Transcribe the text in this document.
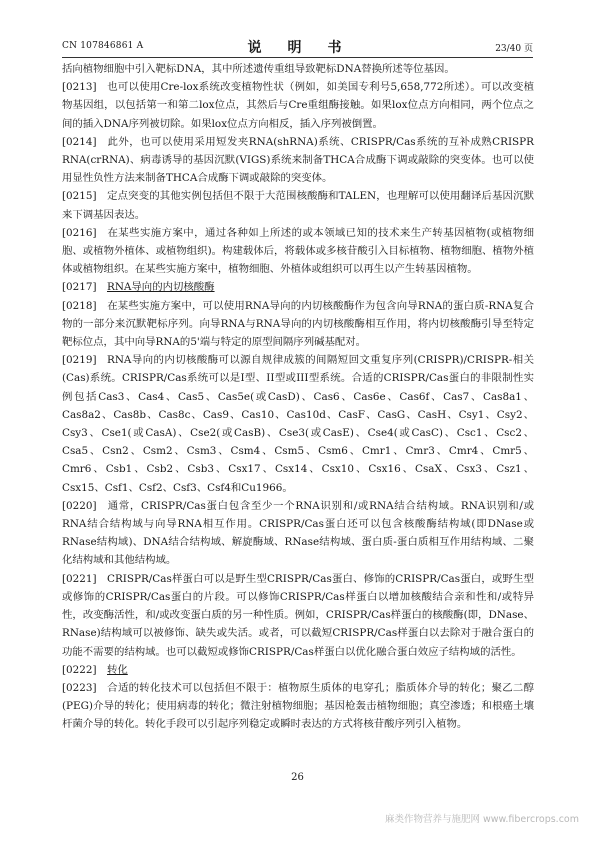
CN 107846861 A	说　明　书	23/40 页

括向植物细胞中引入靶标DNA，其中所述遗传重组导致靶标DNA替换所述等位基因。

[0213] 也可以使用Cre-lox系统改变植物性状（例如，如美国专利号5,658,772所述）。可以改变植物基因组，以包括第一和第二lox位点，其然后与Cre重组酶接触。如果lox位点方向相同，两个位点之间的插入DNA序列被切除。如果lox位点方向相反，插入序列被倒置。

[0214] 此外，也可以使用采用短发夹RNA(shRNA)系统、CRISPR/Cas系统的互补成熟CRISPR RNA(crRNA)、病毒诱导的基因沉默(VIGS)系统来制备THCA合成酶下调或敲除的突变体。也可以使用显性负性方法来制备THCA合成酶下调或敲除的突变体。

[0215] 定点突变的其他实例包括但不限于大范围核酸酶和TALEN，也理解可以使用翻译后基因沉默来下调基因表达。

[0216] 在某些实施方案中，通过各种如上所述的或本领域已知的技术来生产转基因植物(或植物细胞、或植物外植体、或植物组织)。构建载体后，将载体或多核苷酸引入目标植物、植物细胞、植物外植体或植物组织。在某些实施方案中，植物细胞、外植体或组织可以再生以产生转基因植物。

[0217] RNA导向的内切核酸酶

[0218] 在某些实施方案中，可以使用RNA导向的内切核酸酶作为包含向导RNA的蛋白质-RNA复合物的一部分来沉默靶标序列。向导RNA与RNA导向的内切核酸酶相互作用，将内切核酸酶引导至特定靶标位点，其中向导RNA的5'端与特定的原型间隔序列碱基配对。

[0219] RNA导向的内切核酸酶可以源自规律成簇的间隔短回文重复序列(CRISPR)/CRISPR-相关(Cas)系统。CRISPR/Cas系统可以是I型、II型或III型系统。合适的CRISPR/Cas蛋白的非限制性实例包括Cas3、Cas4、Cas5、Cas5e(或CasD)、Cas6、Cas6e、Cas6f、Cas7、Cas8a1、Cas8a2、Cas8b、Cas8c、Cas9、Cas10、Cas10d、CasF、CasG、CasH、Csy1、Csy2、Csy3、Cse1(或CasA)、Cse2(或CasB)、Cse3(或CasE)、Cse4(或CasC)、Csc1、Csc2、Csa5、Csn2、Csm2、Csm3、Csm4、Csm5、Csm6、Cmr1、Cmr3、Cmr4、Cmr5、Cmr6、Csb1、Csb2、Csb3、Csx17、Csx14、Csx10、Csx16、CsaX、Csx3、Csz1、Csx15、Csf1、Csf2、Csf3、Csf4和Cu1966。

[0220] 通常，CRISPR/Cas蛋白包含至少一个RNA识别和/或RNA结合结构域。RNA识别和/或RNA结合结构域与向导RNA相互作用。CRISPR/Cas蛋白还可以包含核酸酶结构域(即DNase或RNase结构域)、DNA结合结构域、解旋酶域、RNase结构域、蛋白质-蛋白质相互作用结构域、二聚化结构域和其他结构域。

[0221] CRISPR/Cas样蛋白可以是野生型CRISPR/Cas蛋白、修饰的CRISPR/Cas蛋白，或野生型或修饰的CRISPR/Cas蛋白的片段。可以修饰CRISPR/Cas样蛋白以增加核酸结合亲和性和/或特异性，改变酶活性，和/或改变蛋白质的另一种性质。例如，CRISPR/Cas样蛋白的核酸酶(即，DNase、RNase)结构域可以被修饰、缺失或失活。或者，可以截短CRISPR/Cas样蛋白以去除对于融合蛋白的功能不需要的结构域。也可以截短或修饰CRISPR/Cas样蛋白以优化融合蛋白效应子结构域的活性。

[0222] 转化

[0223] 合适的转化技术可以包括但不限于：植物原生质体的电穿孔；脂质体介导的转化；聚乙二醇(PEG)介导的转化；使用病毒的转化；微注射植物细胞；基因枪轰击植物细胞；真空渗透；和根癌土壤杆菌介导的转化。转化手段可以引起序列稳定或瞬时表达的方式将核苷酸序列引入植物。

26
麻类作物营养与施肥网 www.fibercrops.com
